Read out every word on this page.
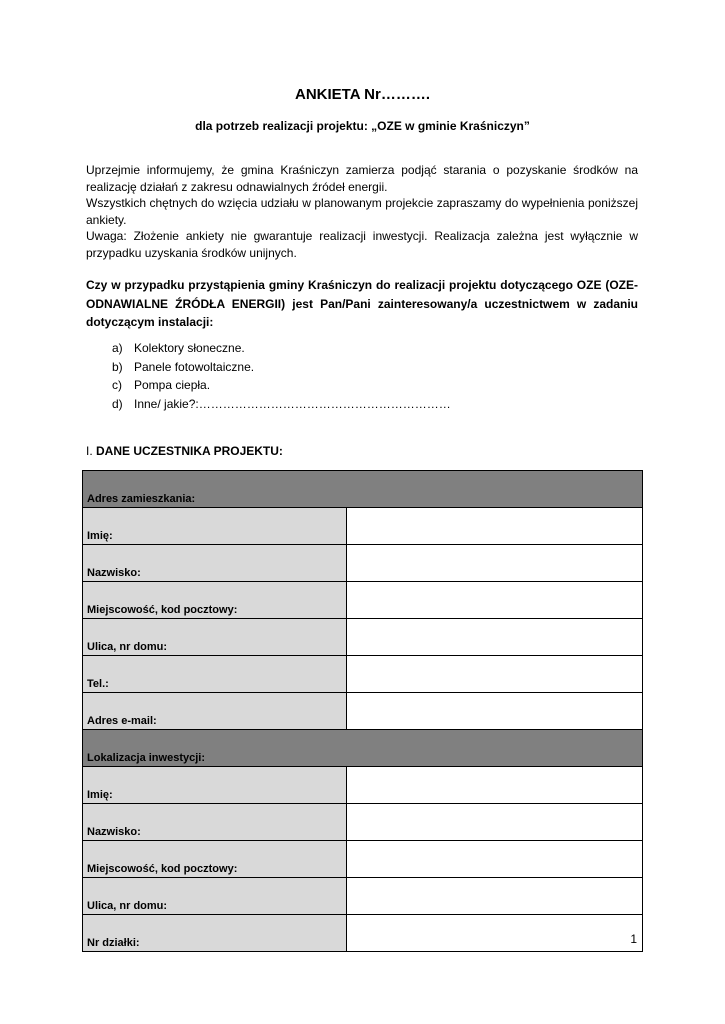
ANKIETA Nr……….
dla potrzeb realizacji projektu: „OZE w gminie Kraśniczyn”

Uprzejmie informujemy, że gmina Kraśniczyn zamierza podjąć starania o pozyskanie środków na realizację działań z zakresu odnawialnych źródeł energii.

Wszystkich chętnych do wzięcia udziału w planowanym projekcie zapraszamy do wypełnienia poniższej ankiety.

Uwaga: Złożenie ankiety nie gwarantuje realizacji inwestycji. Realizacja zależna jest wyłącznie w przypadku uzyskania środków unijnych.

Czy w przypadku przystąpienia gminy Kraśniczyn do realizacji projektu dotyczącego OZE (OZE-ODNAWIALNE ŹRÓDŁA ENERGII) jest Pan/Pani zainteresowany/a uczestnictwem w zadaniu dotyczącym instalacji:
a) Kolektory słoneczne.
b) Panele fotowoltaiczne.
c)	Pompa ciepła.
d) Inne/ jakie?:………………………………………………………
I. DANE UCZESTNIKA PROJEKTU:
Adres zamieszkania:	
Imię:	
Nazwisko:	
Miejscowość, kod pocztowy:	
Ulica, nr domu:	
Tel.:	
Adres e-mail:	
Lokalizacja inwestycji:	
Imię:	
Nazwisko:	
Miejscowość, kod pocztowy:	
Ulica, nr domu:	
Nr działki:		1
